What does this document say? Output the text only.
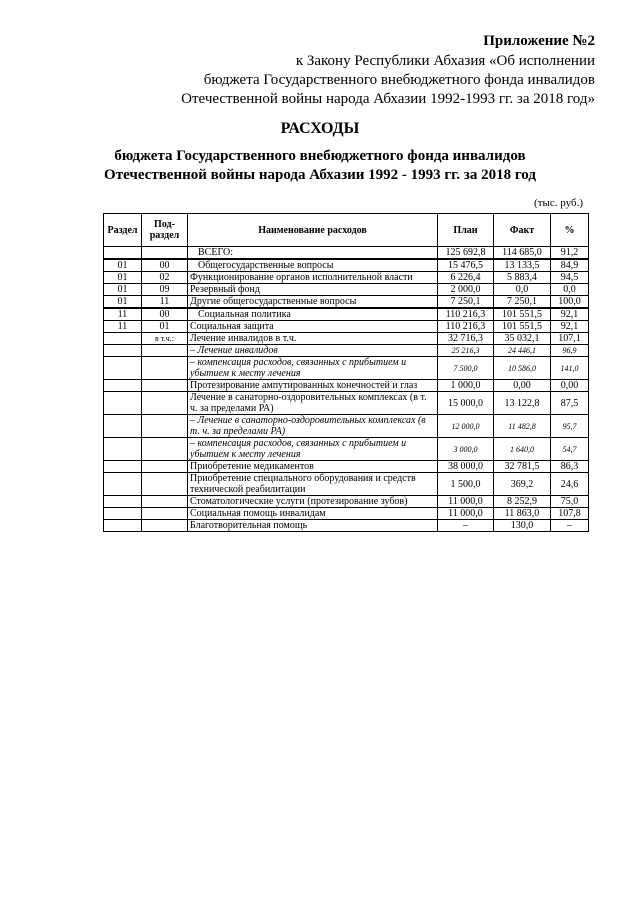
Приложение №2
к Закону Республики Абхазия «Об исполнении
бюджета Государственного внебюджетного фонда инвалидов
Отечественной войны народа Абхазии 1992-1993 гг. за 2018 год»
РАСХОДЫ
бюджета Государственного внебюджетного фонда инвалидов
Отечественной войны народа Абхазии 1992 - 1993 гг. за 2018 год
(тыс. руб.)
Раздел	Под-раздел	Наименование расходов	План	Факт	%
		ВСЕГО:	125 692,8	114 685,0	91,2
01	00	Общегосударственные вопросы	15 476,5	13 133,5	84,9
01	02	Функционирование органов исполнительной власти	6 226,4	5 883,4	94,5
01	09	Резервный фонд	2 000,0	0,0	0,0
01	11	Другие общегосударственные вопросы	7 250,1	7 250,1	100,0
11	00	Социальная политика	110 216,3	101 551,5	92,1
11	01	Социальная защита	110 216,3	101 551,5	92,1
	в т.ч.:	Лечение инвалидов в т.ч.	32 716,3	35 032,1	107,1
		– Лечение инвалидов	25 216,3	24 446,1	96,9
		– компенсация расходов, связанных с прибытием и убытием к месту лечения	7 500,0	10 586,0	141,0
		Протезирование ампутированных конечностей и глаз	1 000,0	0,00	0,00
		Лечение в санаторно-оздоровительных комплексах (в т. ч. за пределами РА)	15 000,0	13 122,8	87,5
		– Лечение в санаторно-оздоровительных комплексах (в т. ч. за пределами РА)	12 000,0	11 482,8	95,7
		– компенсация расходов, связанных с прибытием и убытием к месту лечения	3 000,0	1 640,0	54,7
		Приобретение медикаментов	38 000,0	32 781,5	86,3
		Приобретение специального оборудования и средств технической реабилитации	1 500,0	369,2	24,6
		Стоматологические услуги (протезирование зубов)	11 000,0	8 252,9	75,0
		Социальная помощь инвалидам	11 000,0	11 863,0	107,8
		Благотворительная помощь	–	130,0	–
